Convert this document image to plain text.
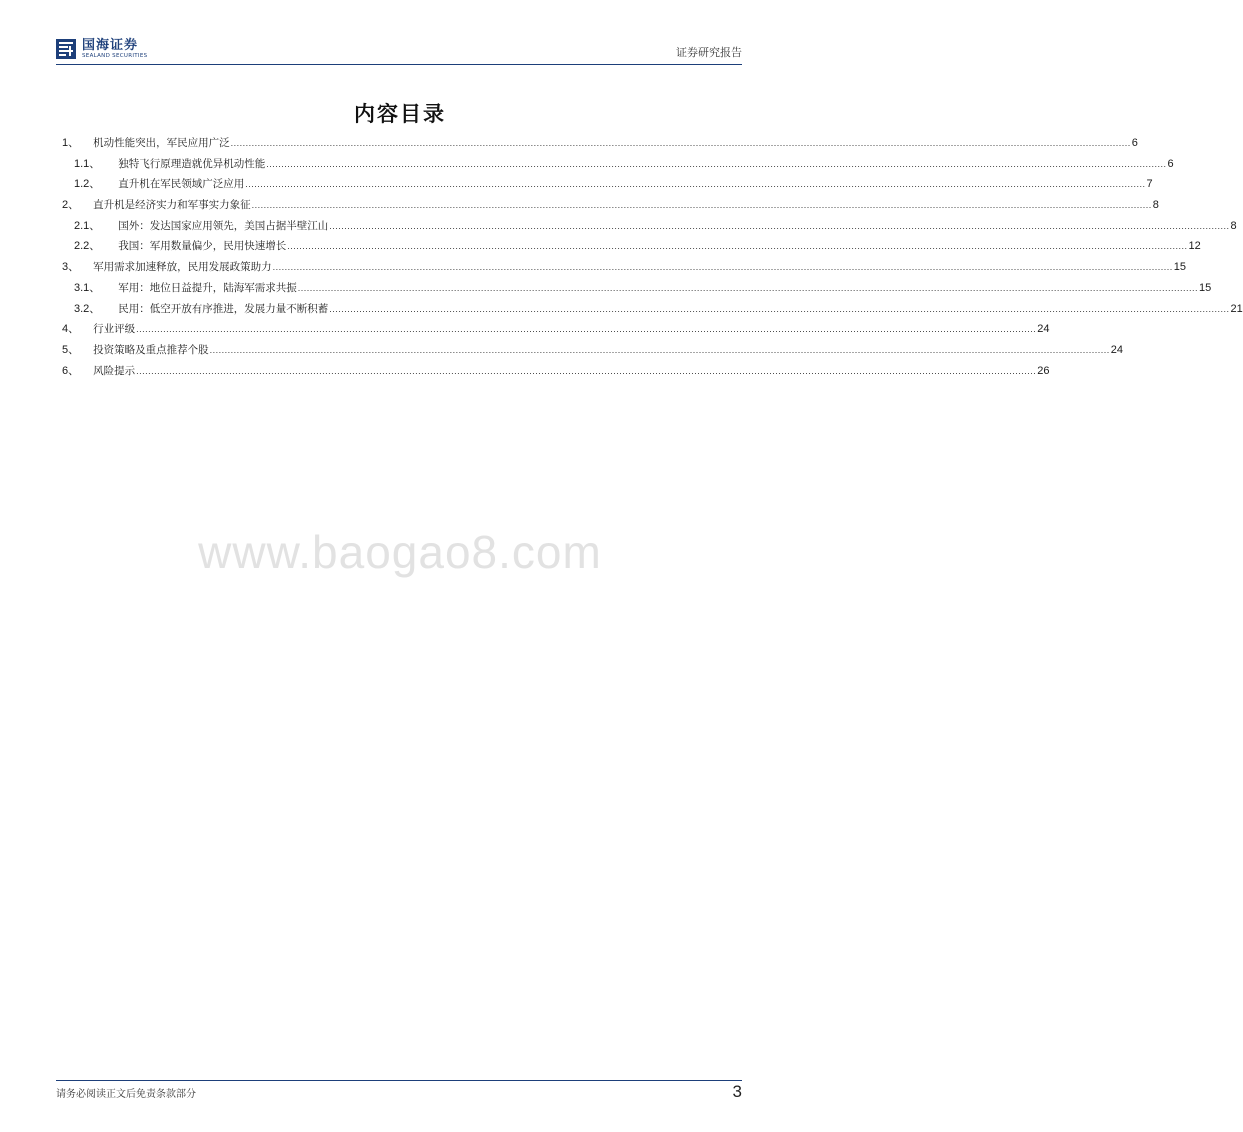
国海证券
SEALAND SECURITIES	证券研究报告
内容目录
1、 机动性能突出，军民应用广泛 ............................................................................................................................................................................................................................................................................................................ 6
1.1、 独特飞行原理造就优异机动性能 ............................................................................................................................................................................................................................................................................................................ 6
1.2、 直升机在军民领域广泛应用 ............................................................................................................................................................................................................................................................................................................ 7
2、 直升机是经济实力和军事实力象征 ............................................................................................................................................................................................................................................................................................................ 8
2.1、 国外：发达国家应用领先，美国占据半壁江山 ............................................................................................................................................................................................................................................................................................................ 8
2.2、 我国：军用数量偏少，民用快速增长 ............................................................................................................................................................................................................................................................................................................ 12
3、 军用需求加速释放，民用发展政策助力 ............................................................................................................................................................................................................................................................................................................ 15
3.1、 军用：地位日益提升，陆海军需求共振 ............................................................................................................................................................................................................................................................................................................ 15
3.2、 民用：低空开放有序推进，发展力量不断积蓄 ............................................................................................................................................................................................................................................................................................................ 21
4、 行业评级 ............................................................................................................................................................................................................................................................................................................ 24
5、 投资策略及重点推荐个股 ............................................................................................................................................................................................................................................................................................................ 24
6、 风险提示 ............................................................................................................................................................................................................................................................................................................ 26
www.baogao8.com
请务必阅读正文后免责条款部分	3
